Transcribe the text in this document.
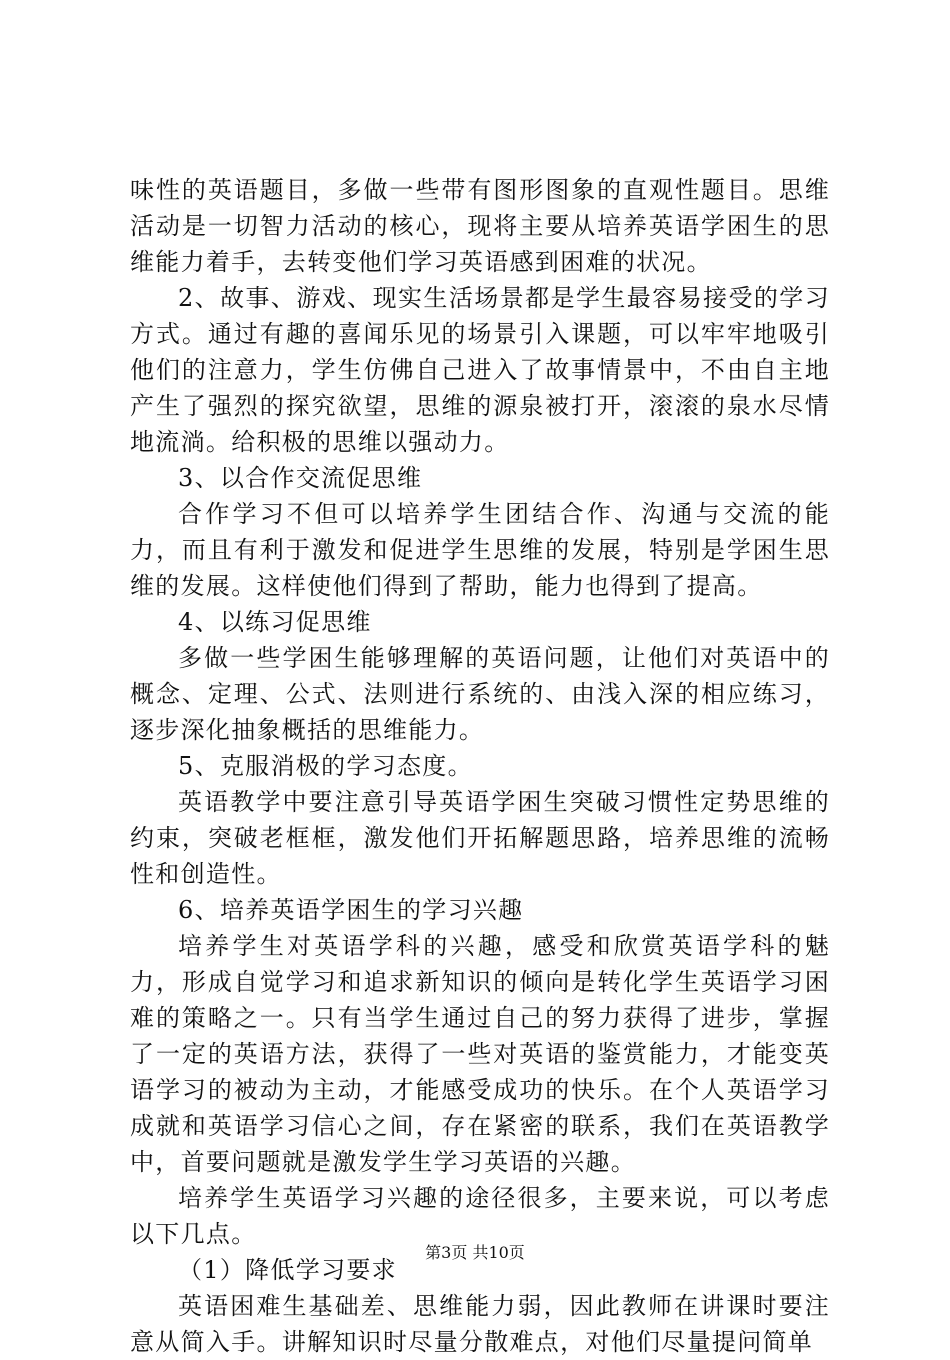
味性的英语题目，多做一些带有图形图象的直观性题目。思维活动是一切智力活动的核心，现将主要从培养英语学困生的思维能力着手，去转变他们学习英语感到困难的状况。

2、故事、游戏、现实生活场景都是学生最容易接受的学习方式。通过有趣的喜闻乐见的场景引入课题，可以牢牢地吸引他们的注意力，学生仿佛自己进入了故事情景中，不由自主地产生了强烈的探究欲望，思维的源泉被打开，滚滚的泉水尽情地流淌。给积极的思维以强动力。

3、以合作交流促思维

合作学习不但可以培养学生团结合作、沟通与交流的能力，而且有利于激发和促进学生思维的发展，特别是学困生思维的发展。这样使他们得到了帮助，能力也得到了提高。

4、以练习促思维

多做一些学困生能够理解的英语问题，让他们对英语中的概念、定理、公式、法则进行系统的、由浅入深的相应练习，逐步深化抽象概括的思维能力。

5、克服消极的学习态度。

英语教学中要注意引导英语学困生突破习惯性定势思维的约束，突破老框框，激发他们开拓解题思路，培养思维的流畅性和创造性。

6、培养英语学困生的学习兴趣

培养学生对英语学科的兴趣，感受和欣赏英语学科的魅力，形成自觉学习和追求新知识的倾向是转化学生英语学习困难的策略之一。只有当学生通过自己的努力获得了进步，掌握了一定的英语方法，获得了一些对英语的鉴赏能力，才能变英语学习的被动为主动，才能感受成功的快乐。在个人英语学习成就和英语学习信心之间，存在紧密的联系，我们在英语教学中，首要问题就是激发学生学习英语的兴趣。

培养学生英语学习兴趣的途径很多，主要来说，可以考虑以下几点。

（1）降低学习要求

英语困难生基础差、思维能力弱，因此教师在讲课时要注意从简入手。讲解知识时尽量分散难点，对他们尽量提问简单

第3页 共10页
